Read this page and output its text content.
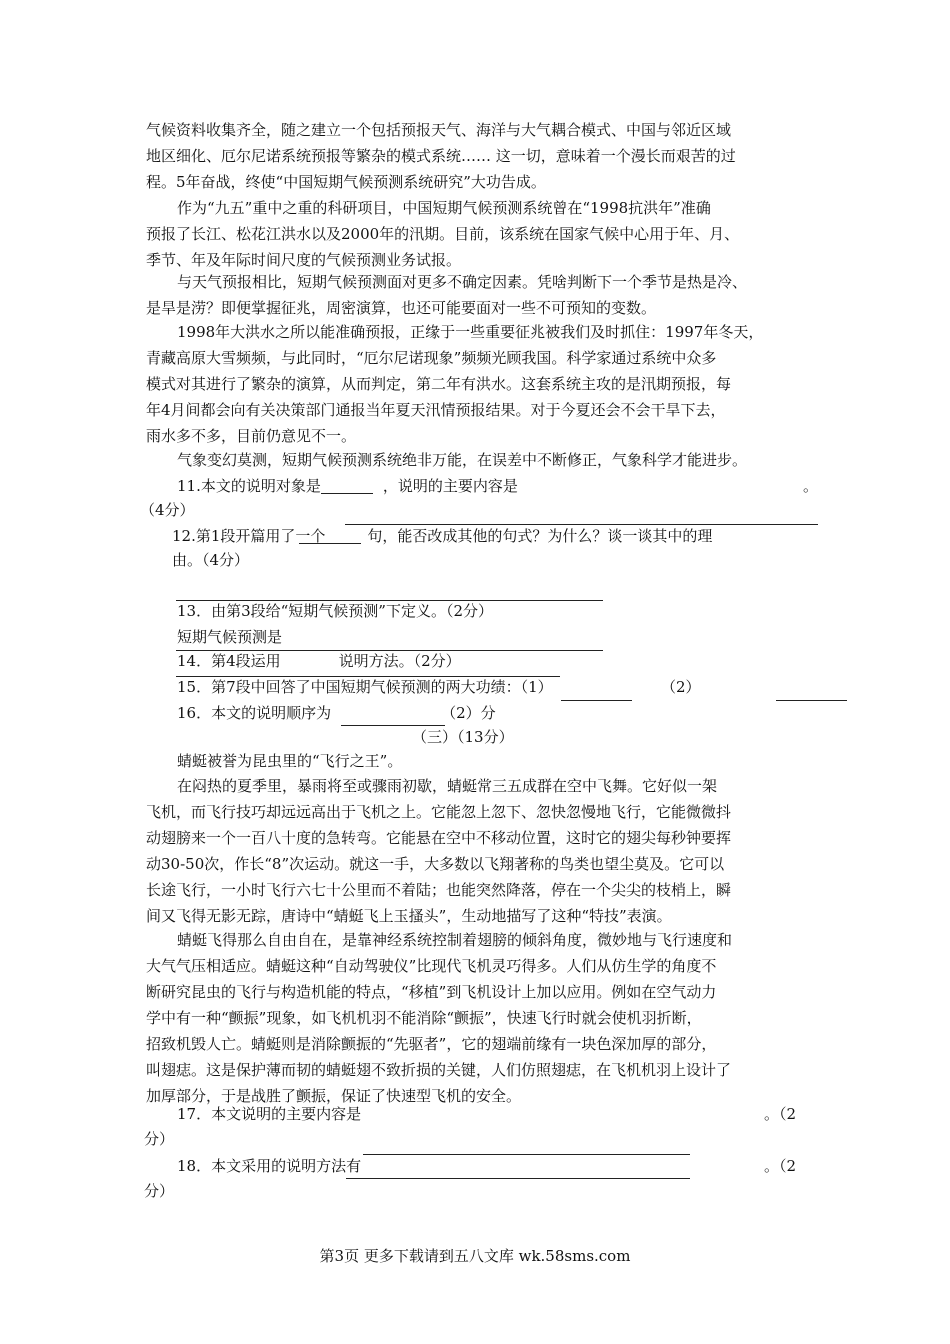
气候资料收集齐全，随之建立一个包括预报天气、海洋与大气耦合模式、中国与邻近区域
地区细化、厄尔尼诺系统预报等繁杂的模式系统…… 这一切，意味着一个漫长而艰苦的过
程。5年奋战，终使“中国短期气候预测系统研究”大功告成。
作为“九五”重中之重的科研项目，中国短期气候预测系统曾在“1998抗洪年”准确
预报了长江、松花江洪水以及2000年的汛期。目前，该系统在国家气候中心用于年、月、
季节、年及年际时间尺度的气候预测业务试报。
与天气预报相比，短期气候预测面对更多不确定因素。凭啥判断下一个季节是热是冷、
是旱是涝？即便掌握征兆，周密演算，也还可能要面对一些不可预知的变数。
1998年大洪水之所以能准确预报，正缘于一些重要征兆被我们及时抓住：1997年冬天，
青藏高原大雪频频，与此同时，“厄尔尼诺现象”频频光顾我国。科学家通过系统中众多
模式对其进行了繁杂的演算，从而判定，第二年有洪水。这套系统主攻的是汛期预报，每
年4月间都会向有关决策部门通报当年夏天汛情预报结果。对于今夏还会不会干旱下去，
雨水多不多，目前仍意见不一。
气象变幻莫测，短期气候预测系统绝非万能，在误差中不断修正，气象科学才能进步。
11.本文的说明对象是	，说明的主要内容是	。
（4分）
12.第1段开篇用了一个	句，能否改成其他的句式？为什么？谈一谈其中的理
由。（4分）
13．由第3段给“短期气候预测”下定义。（2分）
短期气候预测是
14．第4段运用	说明方法。（2分）
15．第7段中回答了中国短期气候预测的两大功绩：（1）	（2）
16．本文的说明顺序为	（2）分
（三）（13分）
蜻蜓被誉为昆虫里的“飞行之王”。
在闷热的夏季里，暴雨将至或骤雨初歇，蜻蜓常三五成群在空中飞舞。它好似一架
飞机，而飞行技巧却远远高出于飞机之上。它能忽上忽下、忽快忽慢地飞行，它能微微抖
动翅膀来一个一百八十度的急转弯。它能悬在空中不移动位置，这时它的翅尖每秒钟要挥
动30-50次，作长“8”次运动。就这一手，大多数以飞翔著称的鸟类也望尘莫及。它可以
长途飞行，一小时飞行六七十公里而不着陆；也能突然降落，停在一个尖尖的枝梢上，瞬
间又飞得无影无踪，唐诗中“蜻蜓飞上玉搔头”，生动地描写了这种“特技”表演。
蜻蜓飞得那么自由自在，是靠神经系统控制着翅膀的倾斜角度，微妙地与飞行速度和
大气气压相适应。蜻蜓这种“自动驾驶仪”比现代飞机灵巧得多。人们从仿生学的角度不
断研究昆虫的飞行与构造机能的特点，“移植”到飞机设计上加以应用。例如在空气动力
学中有一种“颤振”现象，如飞机机羽不能消除“颤振”，快速飞行时就会使机羽折断，
招致机毁人亡。蜻蜓则是消除颤振的“先驱者”，它的翅端前缘有一块色深加厚的部分，
叫翅痣。这是保护薄而韧的蜻蜓翅不致折损的关键，人们仿照翅痣，在飞机机羽上设计了
加厚部分，于是战胜了颤振，保证了快速型飞机的安全。
17．本文说明的主要内容是	。（2
分）
18．本文采用的说明方法有	。（2
分）
第3页 更多下载请到五八文库 wk.58sms.com
